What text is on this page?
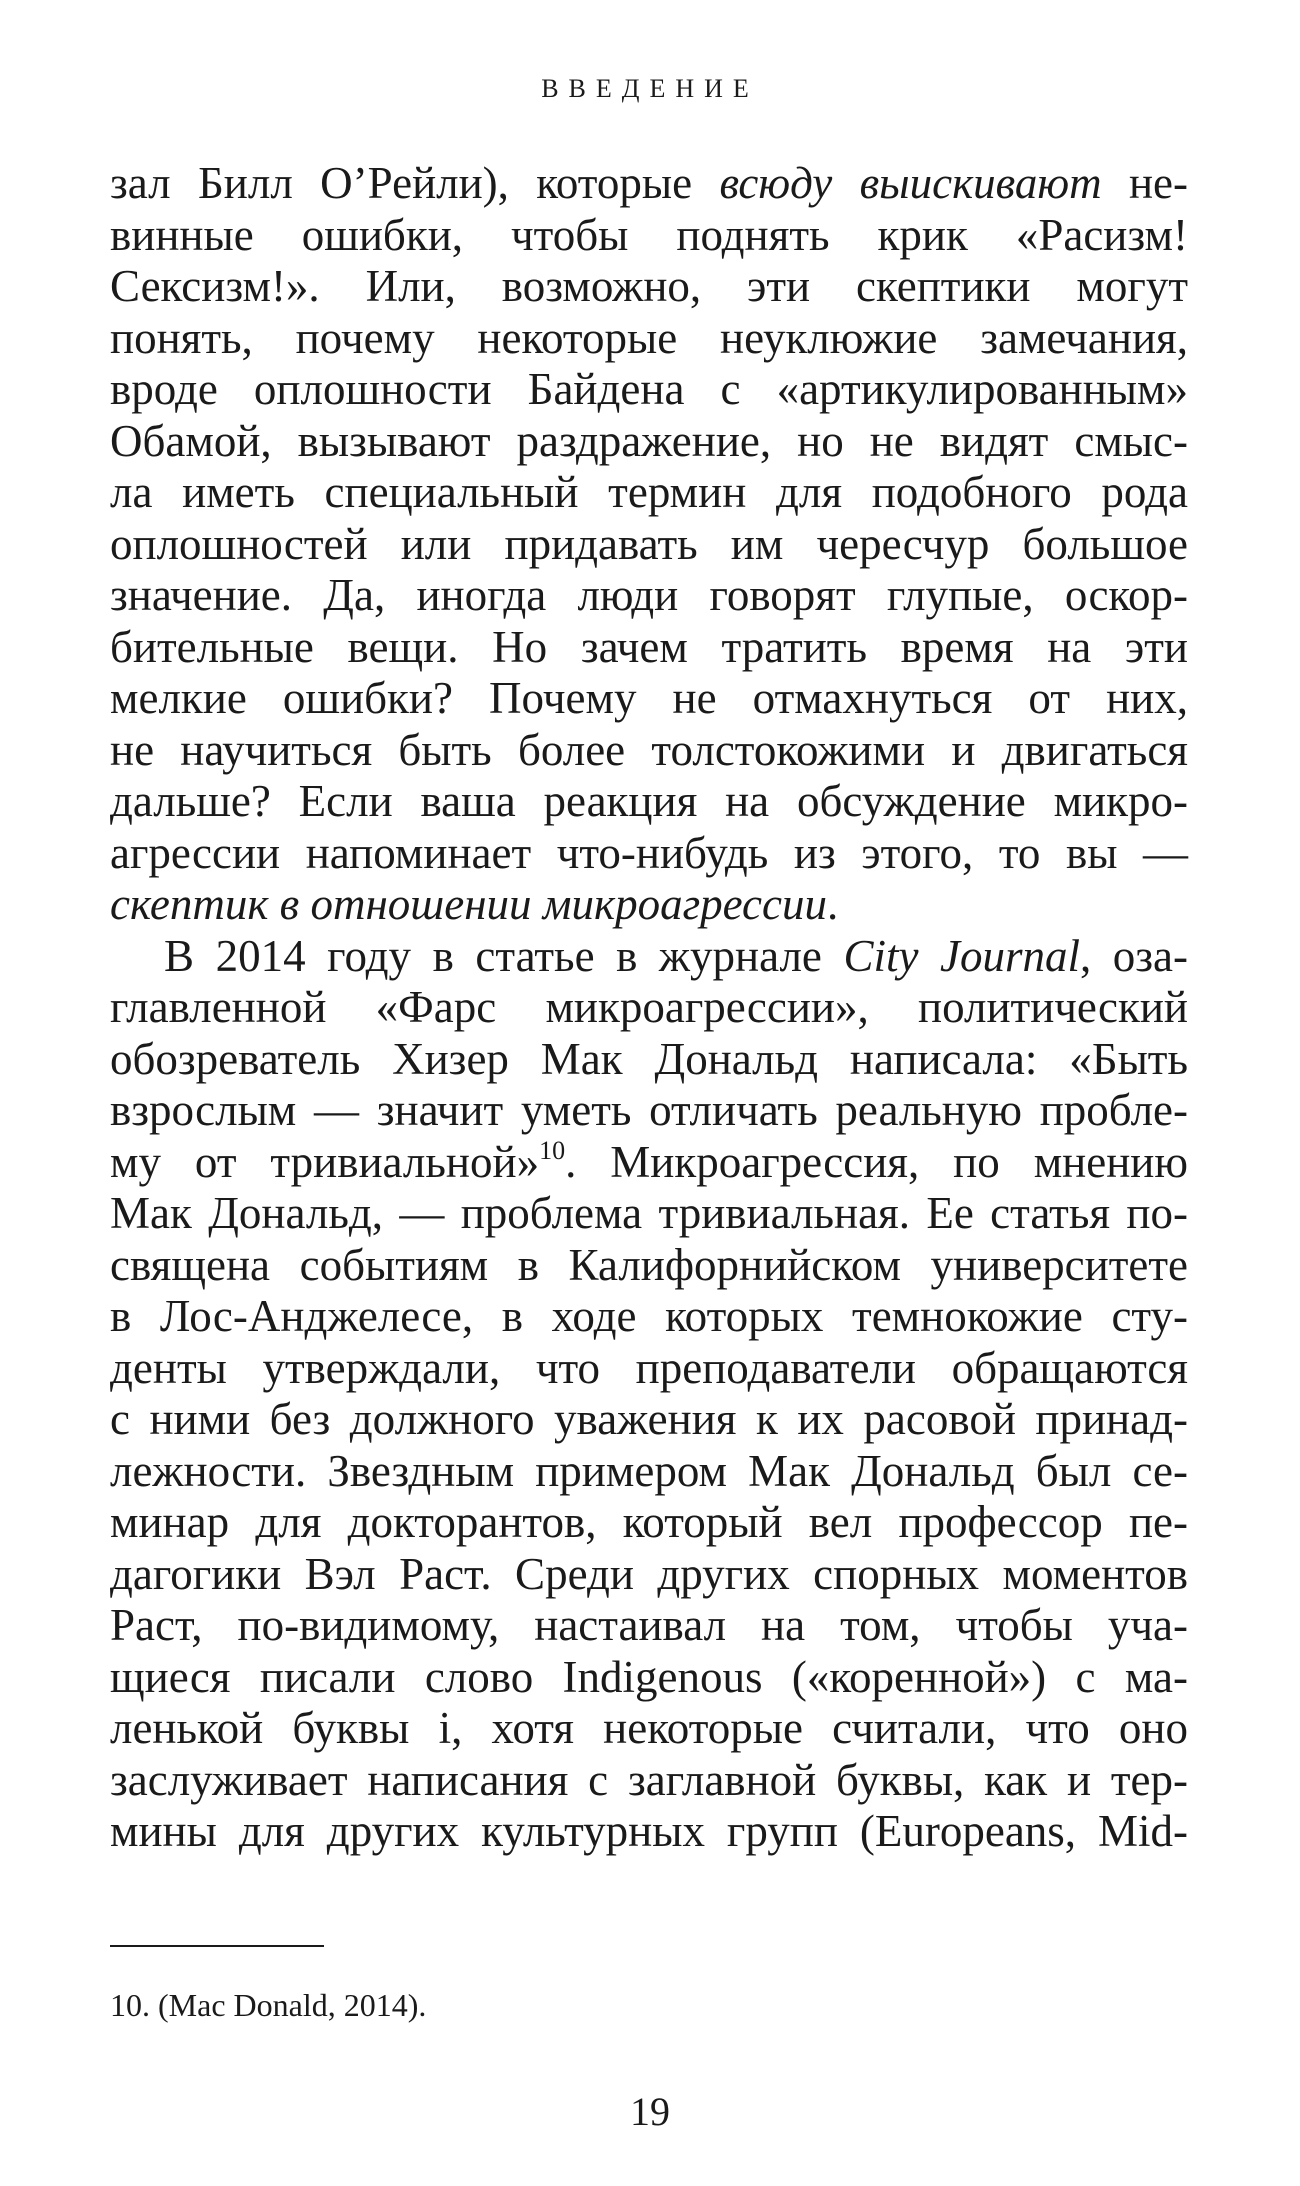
ВВЕДЕНИЕ
зал Билл О’Рейли), которые всюду выискивают не-
винные ошибки, чтобы поднять крик «Расизм!
Сексизм!». Или, возможно, эти скептики могут
понять, почему некоторые неуклюжие замечания,
вроде оплошности Байдена с «артикулированным»
Обамой, вызывают раздражение, но не видят смыс-
ла иметь специальный термин для подобного рода
оплошностей или придавать им чересчур большое
значение. Да, иногда люди говорят глупые, оскор-
бительные вещи. Но зачем тратить время на эти
мелкие ошибки? Почему не отмахнуться от них,
не научиться быть более толстокожими и двигаться
дальше? Если ваша реакция на обсуждение микро-
агрессии напоминает что-нибудь из этого, то вы —
скептик в отношении микроагрессии.
В 2014 году в статье в журнале City Journal, оза-
главленной «Фарс микроагрессии», политический
обозреватель Хизер Мак Дональд написала: «Быть
взрослым — значит уметь отличать реальную пробле-
му от тривиальной»$^{10}$. Микроагрессия, по мнению
Мак Дональд, — проблема тривиальная. Ее статья по-
священа событиям в Калифорнийском университете
в Лос-Анджелесе, в ходе которых темнокожие сту-
денты утверждали, что преподаватели обращаются
с ними без должного уважения к их расовой принад-
лежности. Звездным примером Мак Дональд был се-
минар для докторантов, который вел профессор пе-
дагогики Вэл Раст. Среди других спорных моментов
Раст, по-видимому, настаивал на том, чтобы уча-
щиеся писали слово Indigenous («коренной») с ма-
ленькой буквы i, хотя некоторые считали, что оно
заслуживает написания с заглавной буквы, как и тер-
мины для других культурных групп (Europeans, Mid-
10. (Mac Donald, 2014).
19
